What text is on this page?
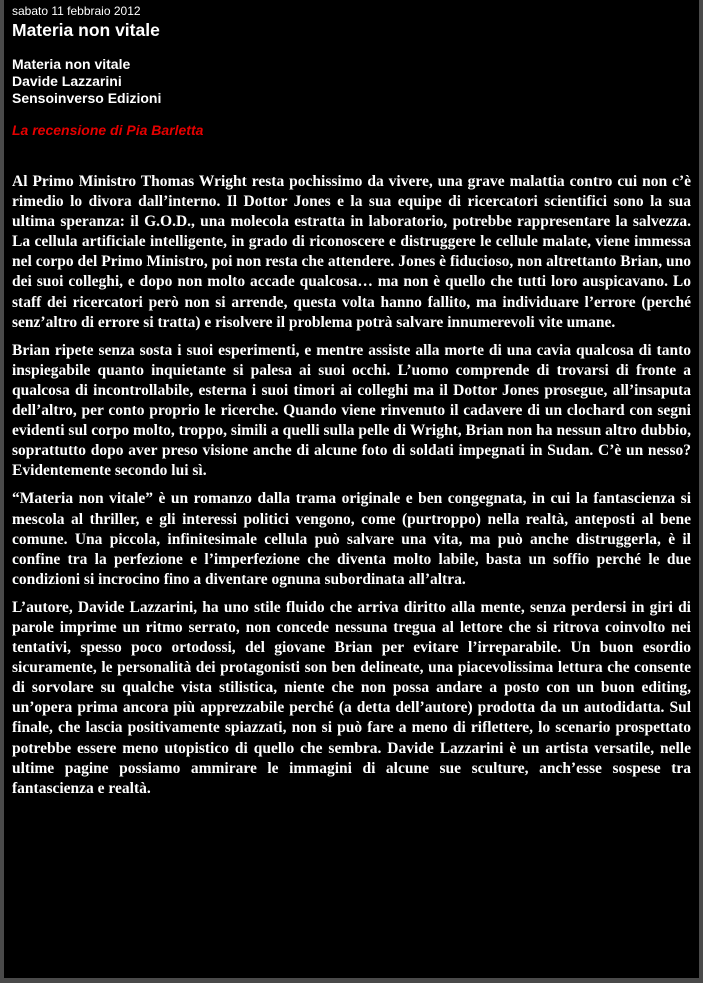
sabato 11 febbraio 2012
Materia non vitale
Materia non vitale
Davide Lazzarini
Sensoinverso Edizioni
La recensione di Pia Barletta

Al Primo Ministro Thomas Wright resta pochissimo da vivere, una grave malattia contro cui non c’è rimedio lo divora dall’interno. Il Dottor Jones e la sua equipe di ricercatori scientifici sono la sua ultima speranza: il G.O.D., una molecola estratta in laboratorio, potrebbe rappresentare la salvezza. La cellula artificiale intelligente, in grado di riconoscere e distruggere le cellule malate, viene immessa nel corpo del Primo Ministro, poi non resta che attendere. Jones è fiducioso, non altrettanto Brian, uno dei suoi colleghi, e dopo non molto accade qualcosa… ma non è quello che tutti loro auspicavano. Lo staff dei ricercatori però non si arrende, questa volta hanno fallito, ma individuare l’errore (perché senz’altro di errore si tratta) e risolvere il problema potrà salvare innumerevoli vite umane.

Brian ripete senza sosta i suoi esperimenti, e mentre assiste alla morte di una cavia qualcosa di tanto inspiegabile quanto inquietante si palesa ai suoi occhi. L’uomo comprende di trovarsi di fronte a qualcosa di incontrollabile, esterna i suoi timori ai colleghi ma il Dottor Jones prosegue, all’insaputa dell’altro, per conto proprio le ricerche. Quando viene rinvenuto il cadavere di un clochard con segni evidenti sul corpo molto, troppo, simili a quelli sulla pelle di Wright, Brian non ha nessun altro dubbio, soprattutto dopo aver preso visione anche di alcune foto di soldati impegnati in Sudan. C’è un nesso? Evidentemente secondo lui sì.

“Materia non vitale” è un romanzo dalla trama originale e ben congegnata, in cui la fantascienza si mescola al thriller, e gli interessi politici vengono, come (purtroppo) nella realtà, anteposti al bene comune. Una piccola, infinitesimale cellula può salvare una vita, ma può anche distruggerla, è il confine tra la perfezione e l’imperfezione che diventa molto labile, basta un soffio perché le due condizioni si incrocino fino a diventare ognuna subordinata all’altra.

L’autore, Davide Lazzarini, ha uno stile fluido che arriva diritto alla mente, senza perdersi in giri di parole imprime un ritmo serrato, non concede nessuna tregua al lettore che si ritrova coinvolto nei tentativi, spesso poco ortodossi, del giovane Brian per evitare l’irreparabile. Un buon esordio sicuramente, le personalità dei protagonisti son ben delineate, una piacevolissima lettura che consente di sorvolare su qualche vista stilistica, niente che non possa andare a posto con un buon editing, un’opera prima ancora più apprezzabile perché (a detta dell’autore) prodotta da un autodidatta. Sul finale, che lascia positivamente spiazzati, non si può fare a meno di riflettere, lo scenario prospettato potrebbe essere meno utopistico di quello che sembra. Davide Lazzarini è un artista versatile, nelle ultime pagine possiamo ammirare le immagini di alcune sue sculture, anch’esse sospese tra fantascienza e realtà.
